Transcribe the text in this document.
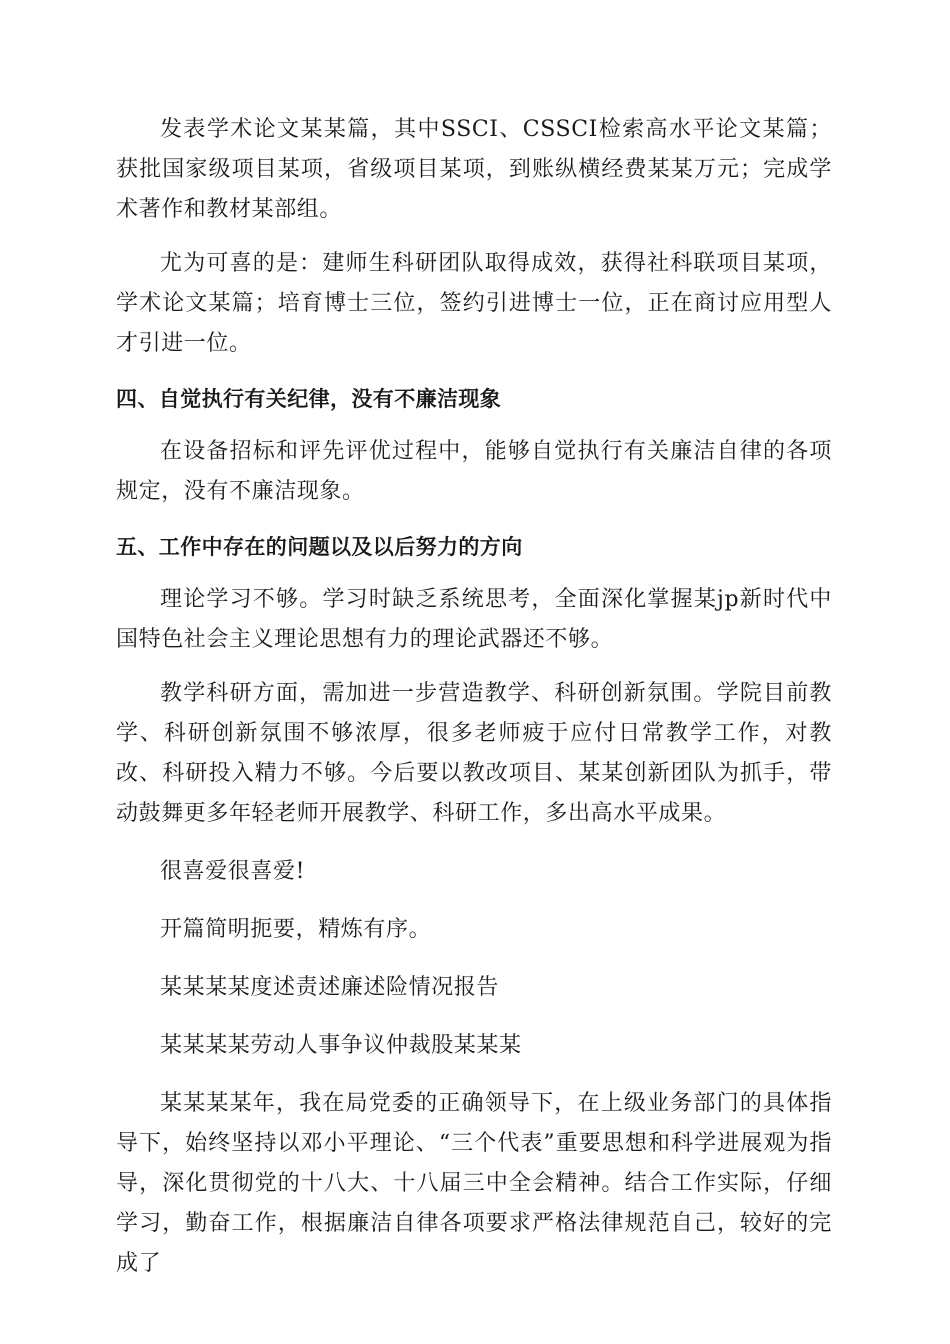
发表学术论文某某篇，其中SSCI、CSSCI检索高水平论文某篇；获批国家级项目某项，省级项目某项，到账纵横经费某某万元；完成学术著作和教材某部组。

尤为可喜的是：建师生科研团队取得成效，获得社科联项目某项，学术论文某篇；培育博士三位，签约引进博士一位，正在商讨应用型人才引进一位。

四、自觉执行有关纪律，没有不廉洁现象

在设备招标和评先评优过程中，能够自觉执行有关廉洁自律的各项规定，没有不廉洁现象。

五、工作中存在的问题以及以后努力的方向

理论学习不够。学习时缺乏系统思考，全面深化掌握某jp新时代中国特色社会主义理论思想有力的理论武器还不够。

教学科研方面，需加进一步营造教学、科研创新氛围。学院目前教学、科研创新氛围不够浓厚，很多老师疲于应付日常教学工作，对教改、科研投入精力不够。今后要以教改项目、某某创新团队为抓手，带动鼓舞更多年轻老师开展教学、科研工作，多出高水平成果。

很喜爱很喜爱!

开篇简明扼要，精炼有序。

某某某某度述责述廉述险情况报告

某某某某劳动人事争议仲裁股某某某

某某某某年，我在局党委的正确领导下，在上级业务部门的具体指导下，始终坚持以邓小平理论、“三个代表”重要思想和科学进展观为指导，深化贯彻党的十八大、十八届三中全会精神。结合工作实际，仔细学习，勤奋工作，根据廉洁自律各项要求严格法律规范自己，较好的完成了
